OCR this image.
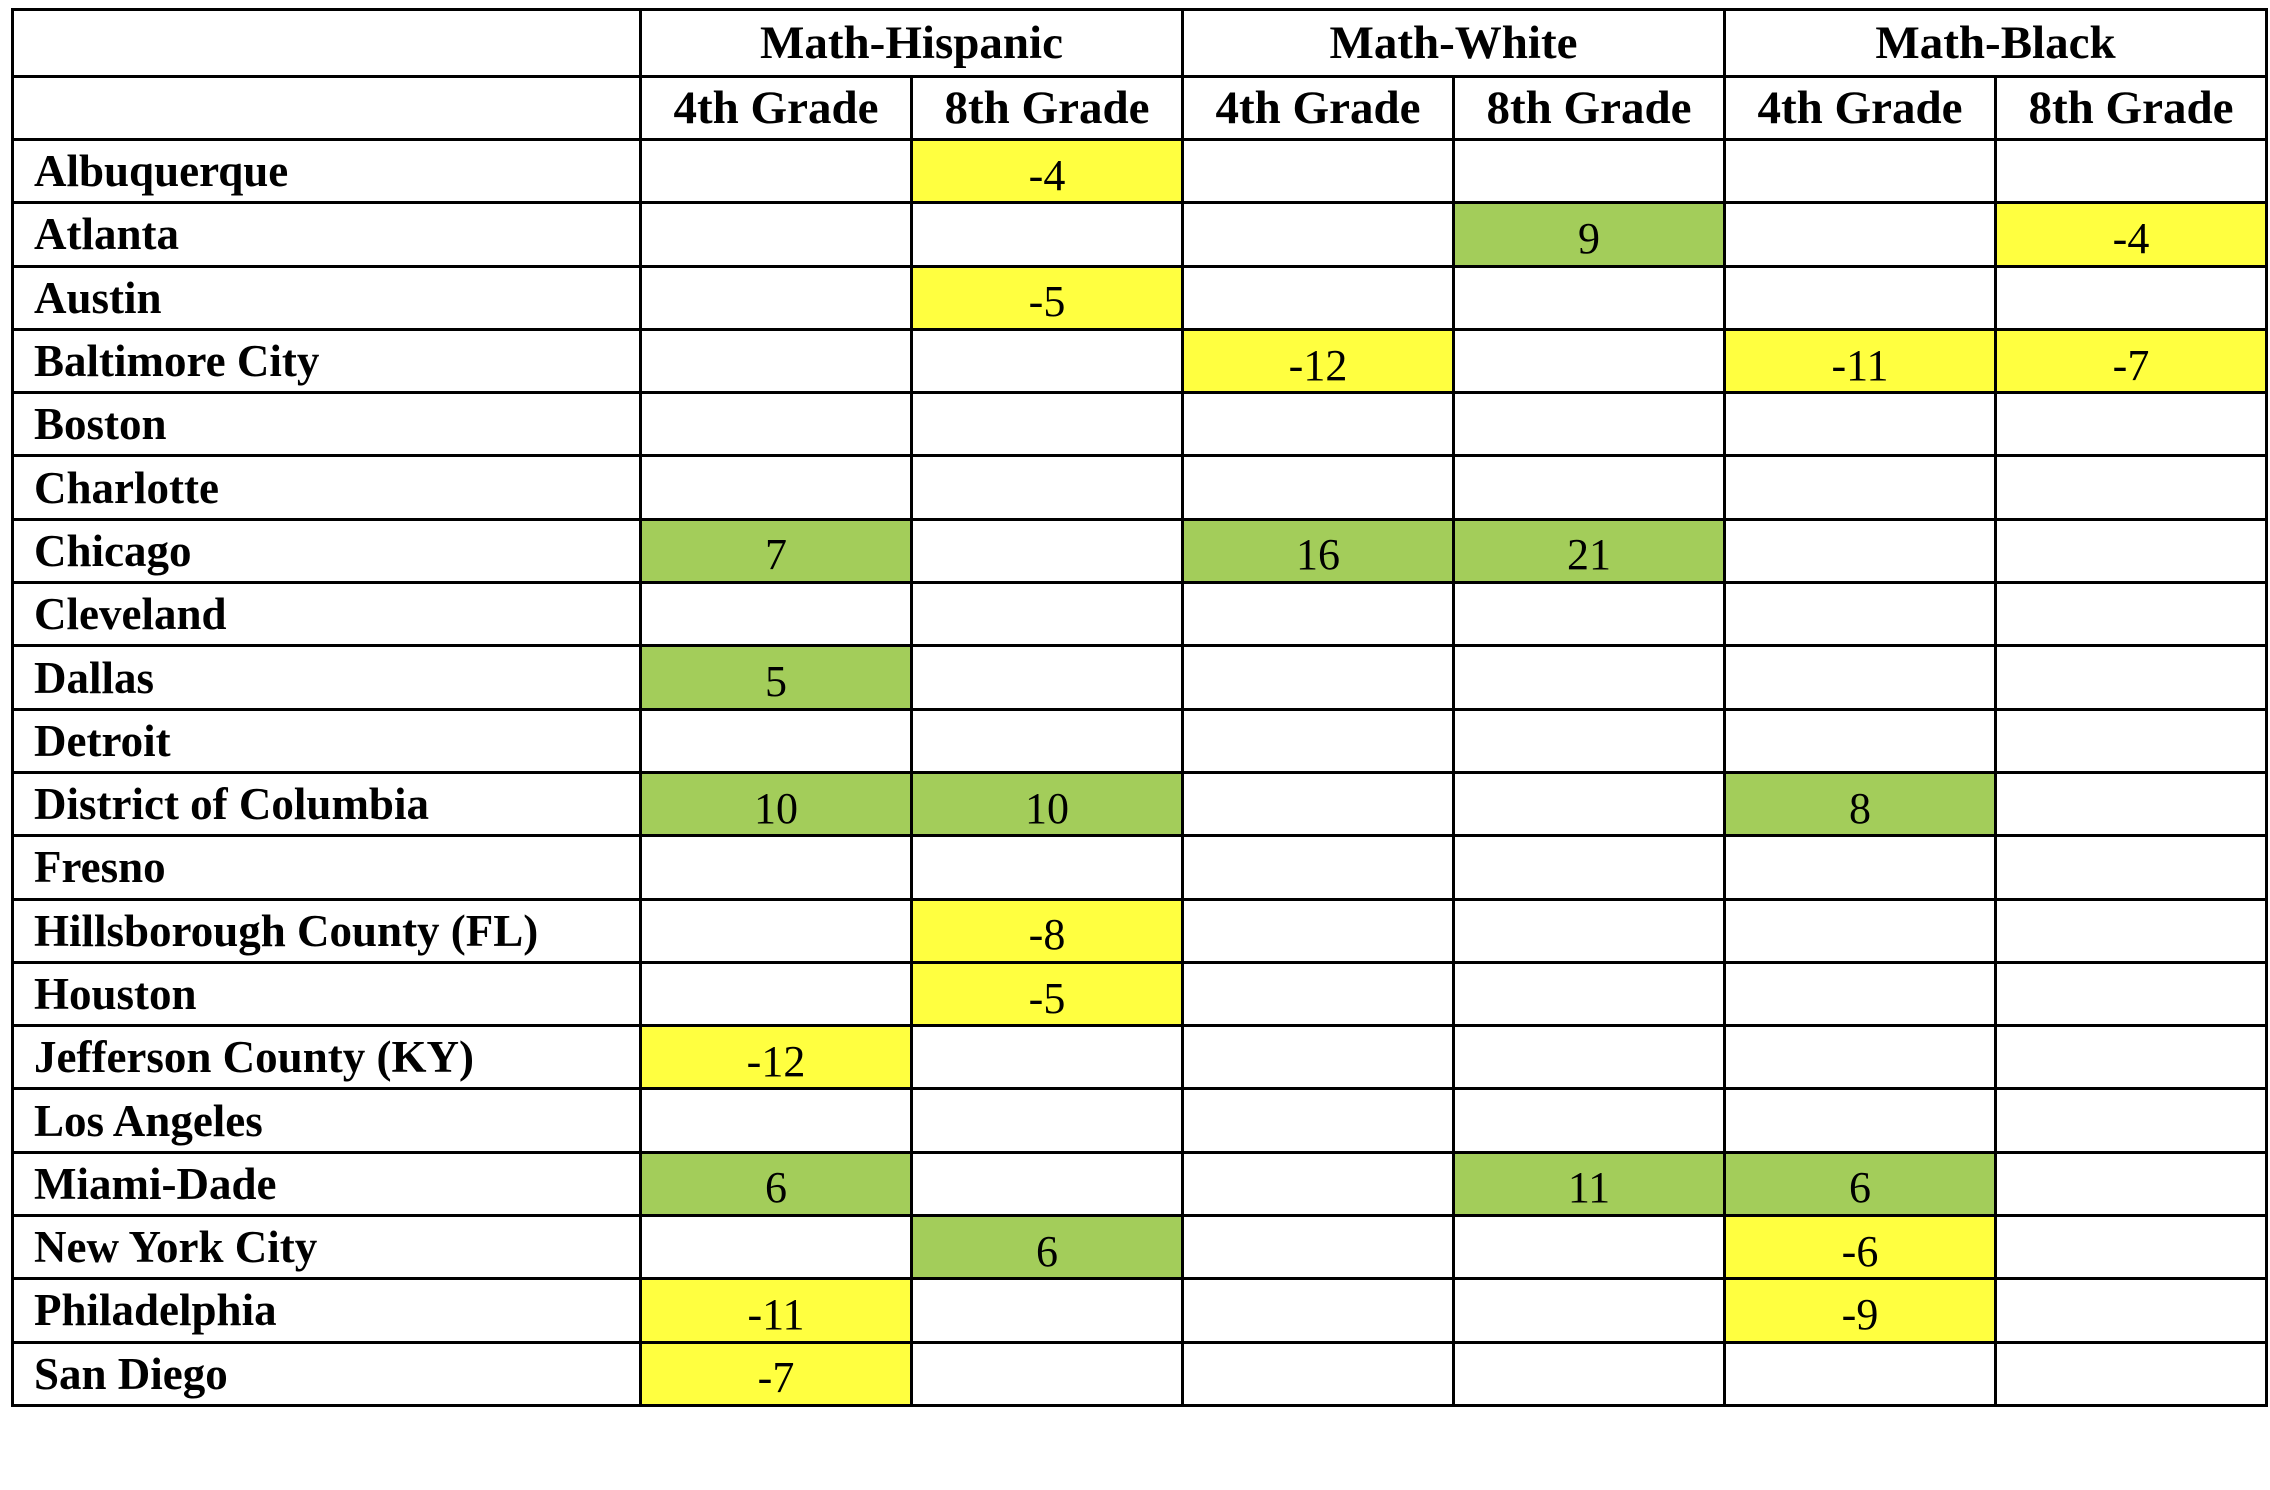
	Math-Hispanic		Math-White		Math-Black	
	4th Grade	8th Grade	4th Grade	8th Grade	4th Grade	8th Grade
Albuquerque		-4				
Atlanta				9		-4
Austin		-5				
Baltimore City			-12		-11	-7
Boston						
Charlotte						
Chicago	7		16	21		
Cleveland						
Dallas	5					
Detroit						
District of Columbia	10	10			8	
Fresno						
Hillsborough County (FL)		-8				
Houston		-5				
Jefferson County (KY)	-12					
Los Angeles						
Miami-Dade	6			11	6	
New York City		6			-6	
Philadelphia	-11				-9	
San Diego	-7					
